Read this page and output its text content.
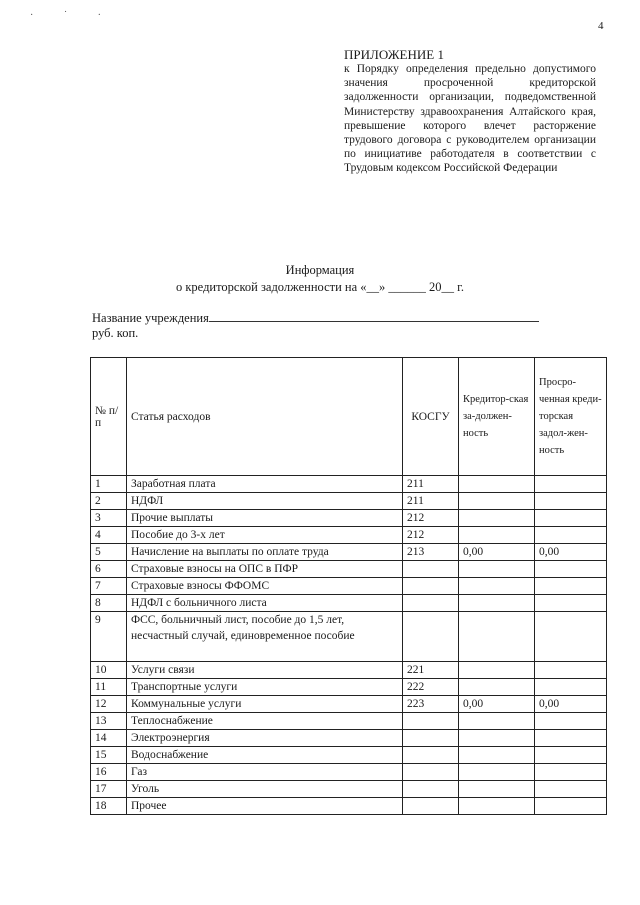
· ˙ ·
4
ПРИЛОЖЕНИЕ 1
к Порядку определения предельно допустимого значения просроченной кредиторской задолженности организации, подведомственной Министерству здравоохранения Алтайского края, превышение которого влечет расторжение трудового договора с руководителем организации по инициативе работодателя в соответствии с Трудовым кодексом Российской Федерации
Информация
о кредиторской задолженности на «__» ______ 20__ г.
Название учреждения
руб. коп.
№ п/п	Статья расходов	КОСГУ	Кредитор-ская за-должен-ность	Просро-ченная креди-торская задол-жен-ность
1	Заработная плата	211		
2	НДФЛ	211		
3	Прочие выплаты	212		
4	Пособие до 3-х лет	212		
5	Начисление на выплаты по оплате труда	213	0,00	0,00
6	Страховые взносы на ОПС в ПФР			
7	Страховые взносы ФФОМС			
8	НДФЛ с больничного листа			
9	ФСС, больничный лист, пособие до 1,5 лет, несчастный случай, единовременное пособие			
10	Услуги связи	221		
11	Транспортные услуги	222		
12	Коммунальные услуги	223	0,00	0,00
13	Теплоснабжение			
14	Электроэнергия			
15	Водоснабжение			
16	Газ			
17	Уголь			
18	Прочее			
